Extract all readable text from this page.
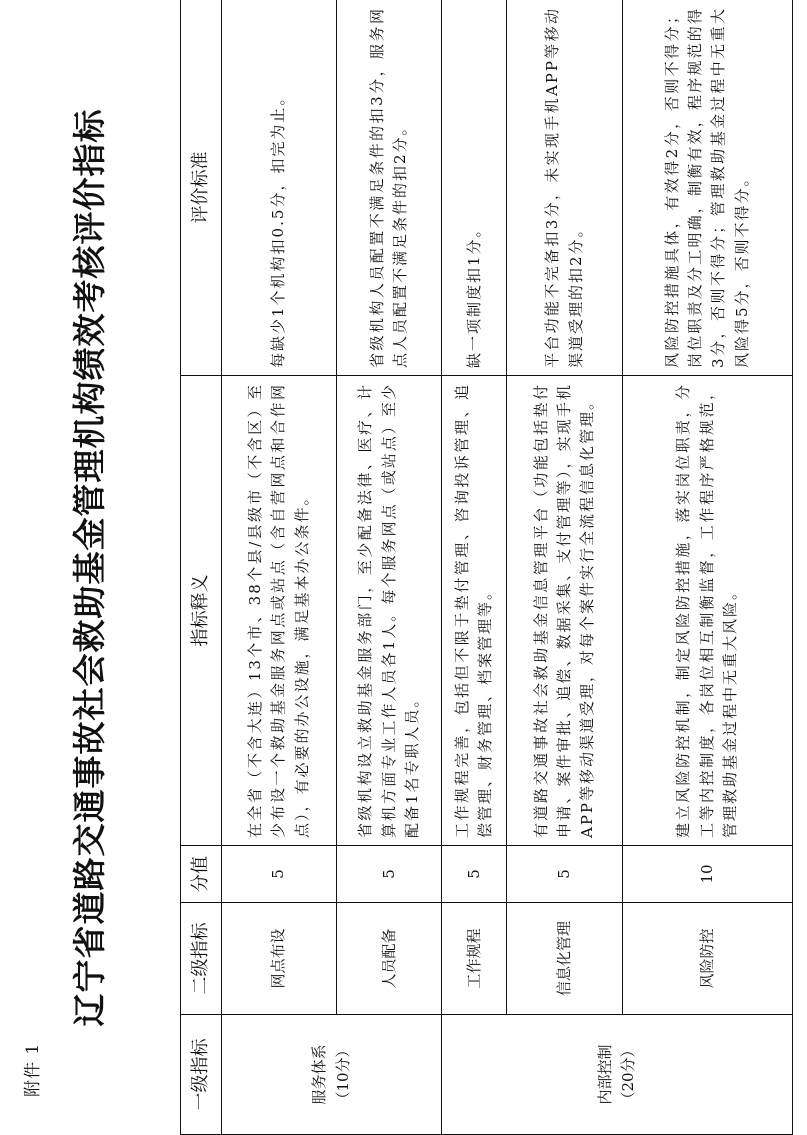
附件 1
辽宁省道路交通事故社会救助基金管理机构绩效考核评价指标
一级指标	二级指标	分值	指标释义	评价标准

服务体系 （10分）	网点布设	5	在全省（不含大连）13个市、38个县/县级市（不含区）至少布设一个救助基金服务网点或站点（含自营网点和合作网点），有必要的办公设施，满足基本办公条件。	每缺少1个机构扣0.5分，扣完为止。
	人员配备	5	省级机构设立救助基金服务部门，至少配备法律、医疗、计算机方面专业工作人员各1人。每个服务网点（或站点）至少配备1名专职人员。	省级机构人员配置不满足条件的扣3分，服务网点人员配置不满足条件的扣2分。

内部控制 （20分）	工作规程	5	工作规程完善，包括但不限于垫付管理、咨询投诉管理、追偿管理、财务管理、档案管理等。	缺一项制度扣1分。
	信息化管理	5	有道路交通事故社会救助基金信息管理平台（功能包括垫付申请、案件审批、追偿、数据采集、支付管理等），实现手机APP等移动渠道受理，对每个案件实行全流程信息化管理。	平台功能不完备扣3分，未实现手机APP等移动渠道受理的扣2分。
	风险防控	10	建立风险防控机制，制定风险防控措施，落实岗位职责，分工等内控制度，各岗位相互制衡监督，工作程序严格规范，管理救助基金过程中无重大风险。	风险防控措施具体，有效得2分，否则不得分；岗位职责及分工明确，制衡有效，程序规范的得3分，否则不得分；管理救助基金过程中无重大风险得5分，否则不得分。
